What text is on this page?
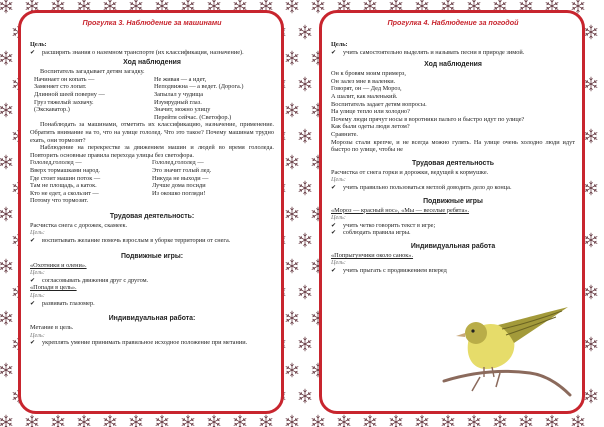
Прогулка 3. Наблюдение за машинами
Цель:
✔	расширять знания о наземном транспорте (их классификация, назначение).
Ход наблюдения
Воспитатель загадывает детям загадку.
Начинает он копать —
Заменяет сто лопат.
Длинной шеей поверну —
Груз тяжелый захвачу.
(Экскаватор.)
Не живая — а идет,
Неподвижна — а ведет. (Дорога.)
Запылал у чудища
Изумрудный глаз.
Значит, можно улицу
Перейти сейчас. (Светофор.)
Понаблюдать за машинами, отметить их классификацию, назначение, применение. Обратить внимание на то, что на улице гололед. Что это такое? Почему машинам трудно ехать, они тормозят?
Наблюдение на перекрестке за движением машин и людей во время гололеда. Повторить основные правила перехода улицы без светофора.
Гололед,гололед —
Вверх тормашками народ.
Где стоит машин поток —
Там не площадь, а каток.
Кто не едет, а скользит —
Потому что тормозит.
Гололед,гололед —
Это значит голый лед.
Никуда не выходи —
Лучше дома посиди
Из окошко погляди!
Трудовая деятельность:
Расчистка снега с дорожек, скамеек.
Цель:
✔	воспитывать желание помочь взрослым в уборке территории от снега.
Подвижные игры:
«Охотники и олени».
Цель:
✔	согласовывать движения друг с другом.
«Попади в цель».
Цель:
✔	развивать глазомер.
Индивидуальная работа:
Метание в цель.
Цель:
✔	укреплять умение принимать правильное исходное положение при метании.
Прогулка 4. Наблюдение за погодой
Цель:
✔	учить самостоятельно выделять и называть песни в природе зимой.
Ход наблюдения
Он к бровям моим примерз,
Он залез мне в валенки.
Говорят, он — Дед Мороз,
А шалит, как маленький.
Воспитатель задает детям вопросы.
На улице тепло или холодно?
Почему люди прячут носы в воротники пальто и быстро идут по улице?
Как были одеты люди летом?
Сравните.
Морозы стали крепче, и не всегда можно гулять. На улице очень холодно люди идут быстро по улице, чтобы не
Трудовая деятельность
Расчистка от снега горки и дорожки, ведущей к кормушке.
Цель:
✔	учить правильно пользоваться метлой доводить дело до конца.
Подвижные игры
«Мороз — красный нос», «Мы — веселые ребята».
Цель:
✔	учить четко говорить текст в игре;
✔	соблюдать правила игры.
Индивидуальная работа
«Попрыгунчики около санок».
Цель:
✔	учить прыгать с продвижением вперед
